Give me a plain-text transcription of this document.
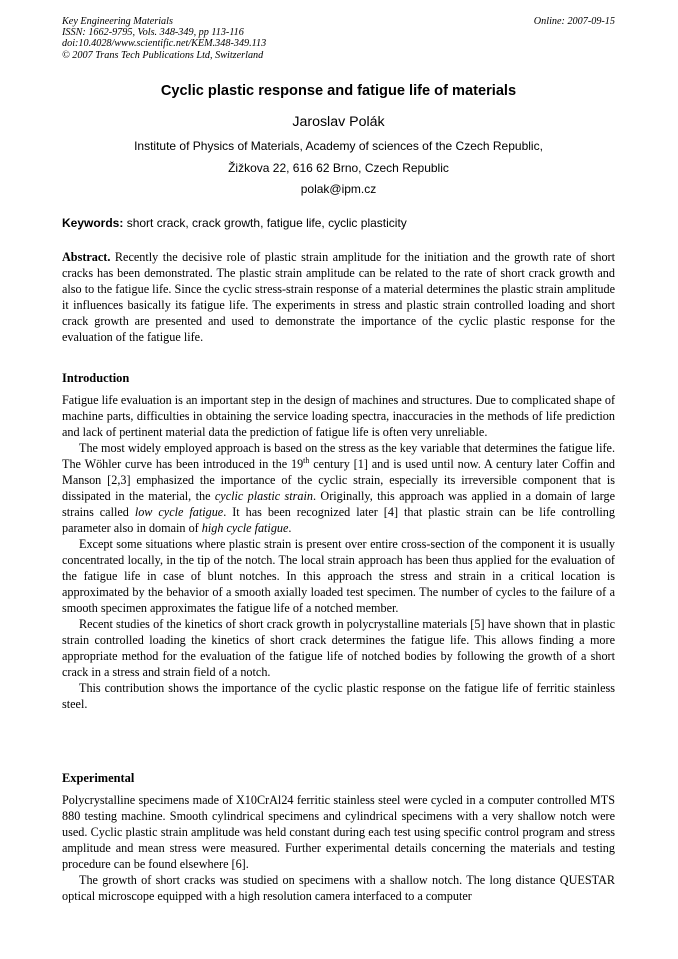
Key Engineering Materials
ISSN: 1662-9795, Vols. 348-349, pp 113-116
doi:10.4028/www.scientific.net/KEM.348-349.113
© 2007 Trans Tech Publications Ltd, Switzerland
Online: 2007-09-15
Cyclic plastic response and fatigue life of materials
Jaroslav Polák
Institute of Physics of Materials, Academy of sciences of the Czech Republic,
Žižkova 22, 616 62 Brno, Czech Republic
polak@ipm.cz
Keywords: short crack, crack growth, fatigue life, cyclic plasticity

Abstract. Recently the decisive role of plastic strain amplitude for the initiation and the growth rate of short cracks has been demonstrated. The plastic strain amplitude can be related to the rate of short crack growth and also to the fatigue life. Since the cyclic stress-strain response of a material determines the plastic strain amplitude it influences basically its fatigue life. The experiments in stress and plastic strain controlled loading and short crack growth are presented and used to demonstrate the importance of the cyclic plastic response for the evaluation of the fatigue life.

Introduction

Fatigue life evaluation is an important step in the design of machines and structures. Due to complicated shape of machine parts, difficulties in obtaining the service loading spectra, inaccuracies in the methods of life prediction and lack of pertinent material data the prediction of fatigue life is often very unreliable.

The most widely employed approach is based on the stress as the key variable that determines the fatigue life. The Wöhler curve has been introduced in the 19th century [1] and is used until now. A century later Coffin and Manson [2,3] emphasized the importance of the cyclic strain, especially its irreversible component that is dissipated in the material, the cyclic plastic strain. Originally, this approach was applied in a domain of large strains called low cycle fatigue. It has been recognized later [4] that plastic strain can be life controlling parameter also in domain of high cycle fatigue.

Except some situations where plastic strain is present over entire cross-section of the component it is usually concentrated locally, in the tip of the notch. The local strain approach has been thus applied for the evaluation of the fatigue life in case of blunt notches. In this approach the stress and strain in a critical location is approximated by the behavior of a smooth axially loaded test specimen. The number of cycles to the failure of a smooth specimen approximates the fatigue life of a notched member.

Recent studies of the kinetics of short crack growth in polycrystalline materials [5] have shown that in plastic strain controlled loading the kinetics of short crack determines the fatigue life. This allows finding a more appropriate method for the evaluation of the fatigue life of notched bodies by following the growth of a short crack in a stress and strain field of a notch.

This contribution shows the importance of the cyclic plastic response on the fatigue life of ferritic stainless steel.

Experimental

Polycrystalline specimens made of X10CrAl24 ferritic stainless steel were cycled in a computer controlled MTS 880 testing machine. Smooth cylindrical specimens and cylindrical specimens with a very shallow notch were used. Cyclic plastic strain amplitude was held constant during each test using specific control program and stress amplitude and mean stress were measured. Further experimental details concerning the materials and testing procedure can be found elsewhere [6].

The growth of short cracks was studied on specimens with a shallow notch. The long distance QUESTAR optical microscope equipped with a high resolution camera interfaced to a computer
